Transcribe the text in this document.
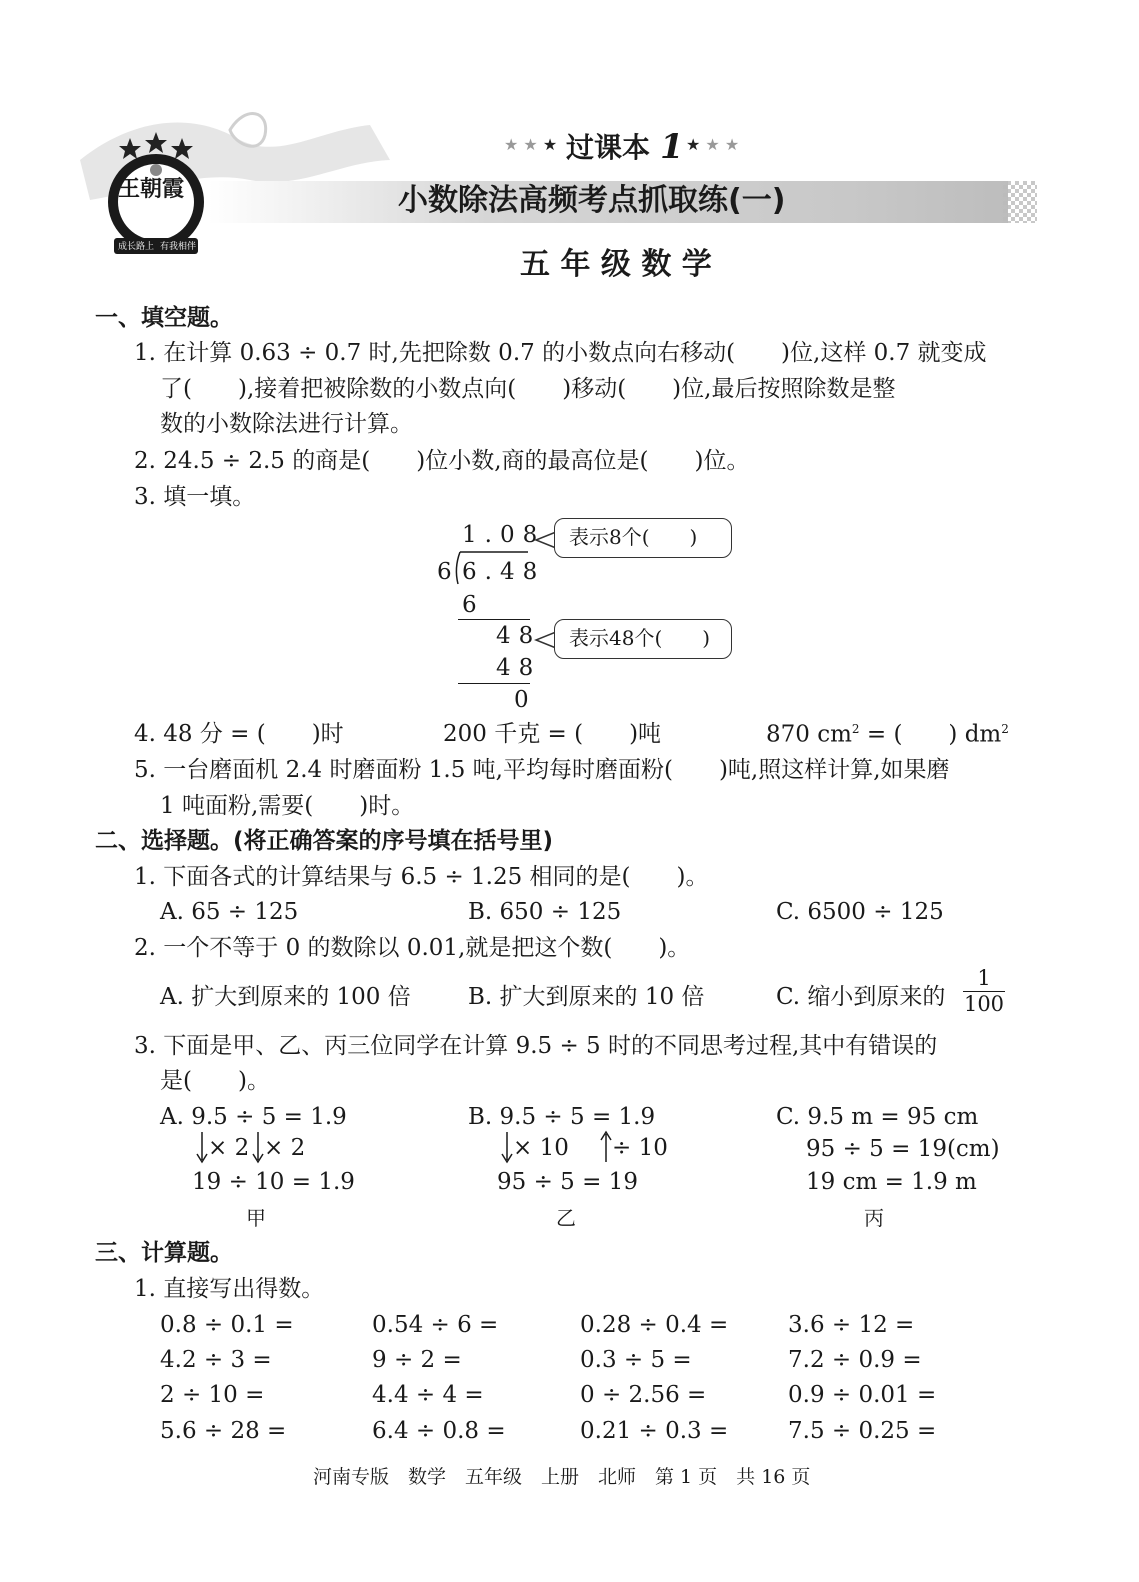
王朝霞
成长路上 有我相伴
★ ★ ★ 过课本 1 ★ ★ ★
小数除法高频考点抓取练(一)
五 年 级 数 学
一、填空题。
1. 在计算 0.63 ÷ 0.7 时,先把除数 0.7 的小数点向右移动(　　)位,这样 0.7 就变成
了(　　),接着把被除数的小数点向(　　)移动(　　)位,最后按照除数是整
数的小数除法进行计算。
2. 24.5 ÷ 2.5 的商是(　　)位小数,商的最高位是(　　)位。
3. 填一填。
1.08
6 6.48
6
48
48
0
表示8个(　　)
表示48个(　　)
4. 48 分 = (　　)时	200 千克 = (　　)吨	870 $cm^2$ = (　　) $dm^2$
5. 一台磨面机 2.4 时磨面粉 1.5 吨,平均每时磨面粉(　　)吨,照这样计算,如果磨
1 吨面粉,需要(　　)时。
二、选择题。(将正确答案的序号填在括号里)
1. 下面各式的计算结果与 6.5 ÷ 1.25 相同的是(　　)。
A. 65 ÷ 125	B. 650 ÷ 125	C. 6500 ÷ 125
2. 一个不等于 0 的数除以 0.01,就是把这个数(　　)。
A. 扩大到原来的 100 倍 B. 扩大到原来的 10 倍	C. 缩小到原来的 $\frac{1}{100}$
3. 下面是甲、乙、丙三位同学在计算 9.5 ÷ 5 时的不同思考过程,其中有错误的
是(　　)。
A. 9.5 ÷ 5 = 1.9
× 2 × 2
19 ÷ 10 = 1.9
甲
B. 9.5 ÷ 5 = 1.9
× 10 ÷ 10
95 ÷ 5 = 19
乙
C. 9.5 m = 95 cm
95 ÷ 5 = 19(cm)
19 cm = 1.9 m
丙
三、计算题。
1. 直接写出得数。
0.8 ÷ 0.1 =	0.54 ÷ 6 =	0.28 ÷ 0.4 =	3.6 ÷ 12 =
4.2 ÷ 3 =	9 ÷ 2 =	0.3 ÷ 5 =	7.2 ÷ 0.9 =
2 ÷ 10 =	4.4 ÷ 4 =	0 ÷ 2.56 =	0.9 ÷ 0.01 =
5.6 ÷ 28 =	6.4 ÷ 0.8 =	0.21 ÷ 0.3 =	7.5 ÷ 0.25 =
河南专版　数学　五年级　上册　北师　第 1 页　共 16 页
